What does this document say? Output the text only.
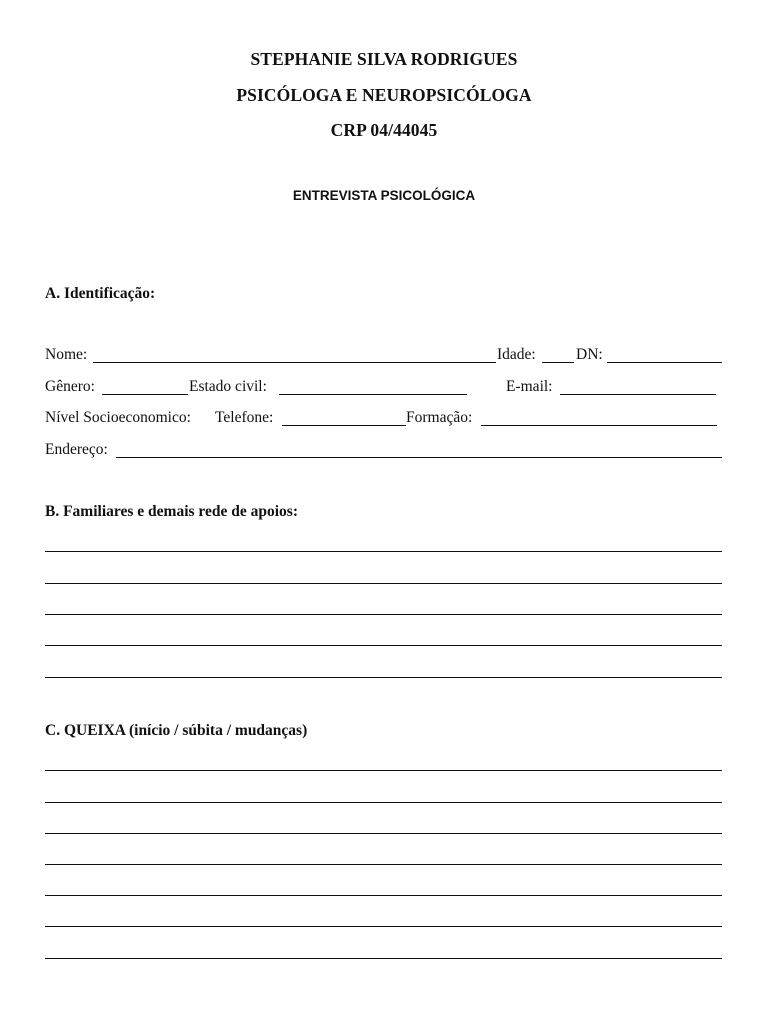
STEPHANIE SILVA RODRIGUES
PSICÓLOGA E NEUROPSICÓLOGA
CRP 04/44045
ENTREVISTA PSICOLÓGICA
A. Identificação:
Nome:	Idade:	DN:
Gênero:	Estado civil:	E-mail:
Nível Socioeconomico: Telefone:	Formação:
Endereço:
B. Familiares e demais rede de apoios:
C. QUEIXA (início / súbita / mudanças)
